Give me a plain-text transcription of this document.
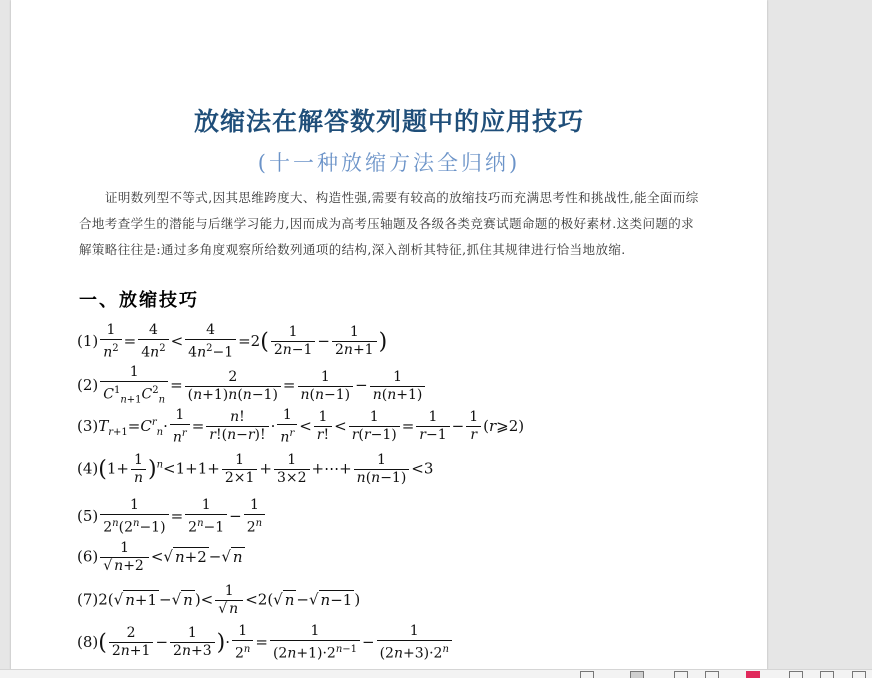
放缩法在解答数列题中的应用技巧
(十一种放缩方法全归纳)
证明数列型不等式,因其思维跨度大、构造性强,需要有较高的放缩技巧而充满思考性和挑战性,能全面而综合地考查学生的潜能与后继学习能力,因而成为高考压轴题及各级各类竞赛试题命题的极好素材.这类问题的求解策略往往是:通过多角度观察所给数列通项的结构,深入剖析其特征,抓住其规律进行恰当地放缩.
一、放缩技巧
$(1) \frac{1}{n^2} = \frac{4}{4n^2} < \frac{4}{4n^2-1} =2( \frac{1}{2n-1} - \frac{1}{2n+1}$ )
$(2) \frac{1}{C^1_{n+1}C^2_n} = \frac{2}{(n+1)n(n-1)} = \frac{1}{n(n-1)} - \frac{1}{n(n+1)}$
$(3)T_{r+1}=C^r_n\cdot \frac{1}{n^r} = \frac{n!}{r!(n-r)!} \cdot \frac{1}{n^r} < \frac{1}{r!} < \frac{1}{r(r-1)} = \frac{1}{r-1} - \frac{1}{r}$ (r⩾2)
$(4)(1+ \frac{1}{n} )^n<1+1+ \frac{1}{2\times 1} + \frac{1}{3\times 2}$ +⋯+ $\frac{1}{n(n-1)} <3$
$(5) \frac{1}{2^n(2^n-1)} = \frac{1}{2^n-1} - \frac{1}{2^n}$
$(6) \frac{1}{√ n+2}$ <√ n+2 −√ n
(7)2(√ n+1 −√ n )< $\frac{1}{√ n} <2(√$ n −√ n−1 )
$(8)( \frac{2}{2n+1} - \frac{1}{2n+3}$ )· $\frac{1}{2^n} = \frac{1}{(2n+1)\cdot 2^{n-1}} - \frac{1}{(2n+3)\cdot 2^n}$
